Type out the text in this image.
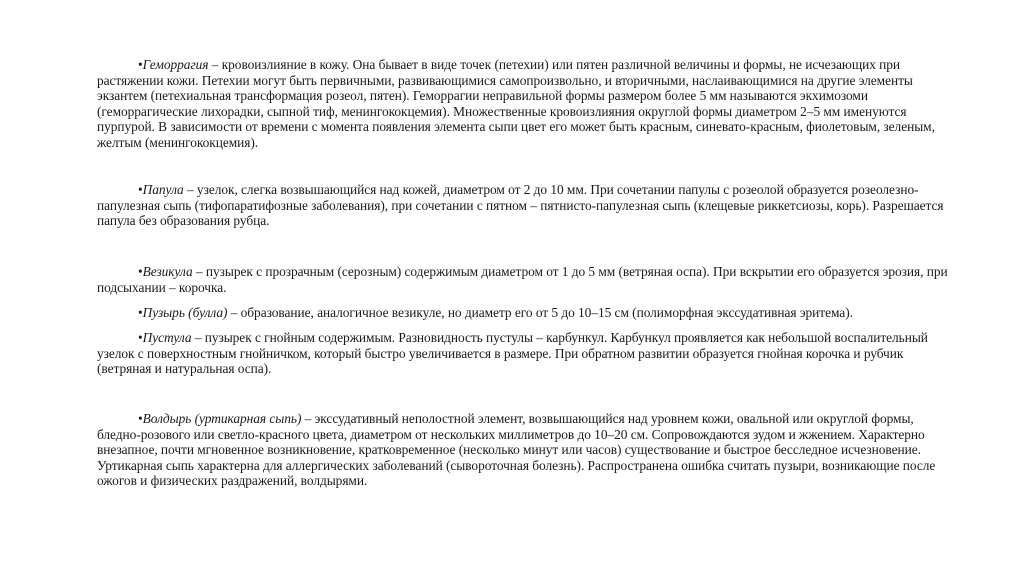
•Геморрагия – кровоизлияние в кожу. Она бывает в виде точек (петехии) или пятен различной величины и формы, не исчезающих при растяжении кожи. Петехии могут быть первичными, развивающимися самопроизвольно, и вторичными, наслаивающимися на другие элементы экзантем (петехиальная трансформация розеол, пятен). Геморрагии неправильной формы размером более 5 мм называются экхимозоми (геморрагические лихорадки, сыпной тиф, менингококцемия). Множественные кровоизлияния округлой формы диаметром 2–5 мм именуются пурпурой. В зависимости от времени с момента появления элемента сыпи цвет его может быть красным, синевато-красным, фиолетовым, зеленым, желтым (менингококцемия).

•Папула – узелок, слегка возвышающийся над кожей, диаметром от 2 до 10 мм. При сочетании папулы с розеолой образуется розеолезно-папулезная сыпь (тифопаратифозные заболевания), при сочетании с пятном – пятнисто-папулезная сыпь (клещевые риккетсиозы, корь). Разрешается папула без образования рубца.

•Везикула – пузырек с прозрачным (серозным) содержимым диаметром от 1 до 5 мм (ветряная оспа). При вскрытии его образуется эрозия, при подсыхании – корочка.

•Пузырь (булла) – образование, аналогичное везикуле, но диаметр его от 5 до 10–15 см (полиморфная экссудативная эритема).

•Пустула – пузырек с гнойным содержимым. Разновидность пустулы – карбункул. Карбункул проявляется как небольшой воспалительный узелок с поверхностным гнойничком, который быстро увеличивается в размере. При обратном развитии образуется гнойная корочка и рубчик (ветряная и натуральная оспа).

•Волдырь (уртикарная сыпь) – экссудативный неполостной элемент, возвышающийся над уровнем кожи, овальной или округлой формы, бледно-розового или светло-красного цвета, диаметром от нескольких миллиметров до 10–20 см. Сопровождаются зудом и жжением. Характерно внезапное, почти мгновенное возникновение, кратковременное (несколько минут или часов) существование и быстрое бесследное исчезновение. Уртикарная сыпь характерна для аллергических заболеваний (сывороточная болезнь). Распространена ошибка считать пузыри, возникающие после ожогов и физических раздражений, волдырями.
